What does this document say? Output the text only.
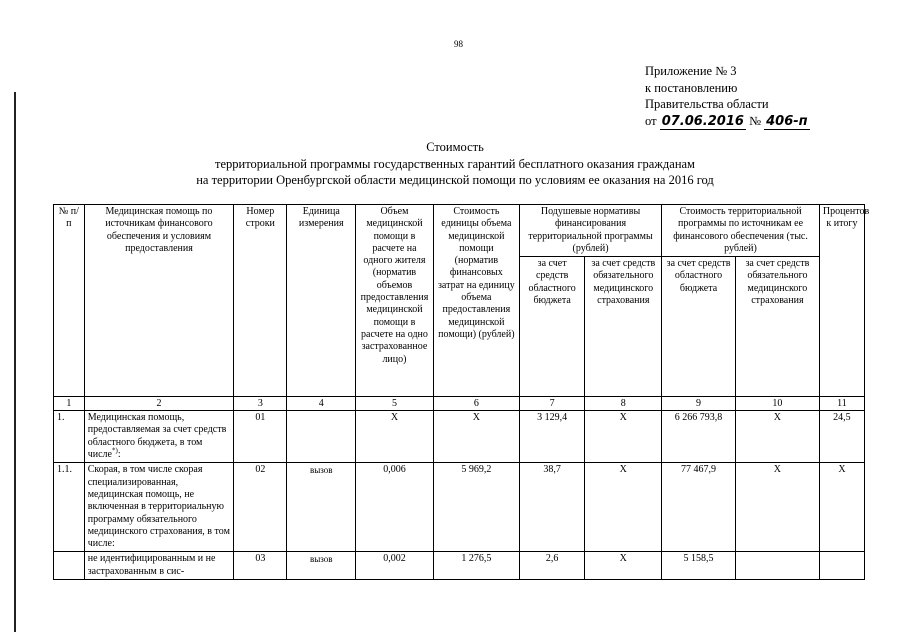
98
Приложение № 3
к постановлению
Правительства области
от 07.06.2016 № 406-п
Стоимость
территориальной программы государственных гарантий бесплатного оказания гражданам
на территории Оренбургской области медицинской помощи по условиям ее оказания на 2016 год
№ п/п	Медицинская помощь по источникам финансового обеспечения и условиям предоставления	Номер строки	Единица измерения	Объем медицинской помощи в расчете на одного жителя (норматив объемов предоставления медицинской помощи в расчете на одно застрахованное лицо)	Стоимость единицы объема медицинской помощи (норматив финансовых затрат на единицу объема предоставления медицинской помощи) (рублей)	Подушевые нормативы финансирования территориальной программы (рублей)		Стоимость территориальной программы по источникам ее финансового обеспечения (тыс. рублей)		Процентов к итогу
						за счет средств областного бюджета	за счет средств обязательного медицинского страхования	за счет средств областного бюджета	за счет средств обязательного медицинского страхования	
1	2	3	4	5	6	7	8	9	10	11
1.	Медицинская помощь, предоставляемая за счет средств областного бюджета, в том числе*):	01		X	X	3 129,4	X	6 266 793,8	X	24,5
1.1.	Скорая, в том числе скорая специализированная, медицинская помощь, не включенная в территориальную программу обязательного медицинского страхования, в том числе:	02	вызов	0,006	5 969,2	38,7	X	77 467,9	X	X
	не идентифицированным и не застрахованным в сис-	03	вызов	0,002	1 276,5	2,6	X	5 158,5		
